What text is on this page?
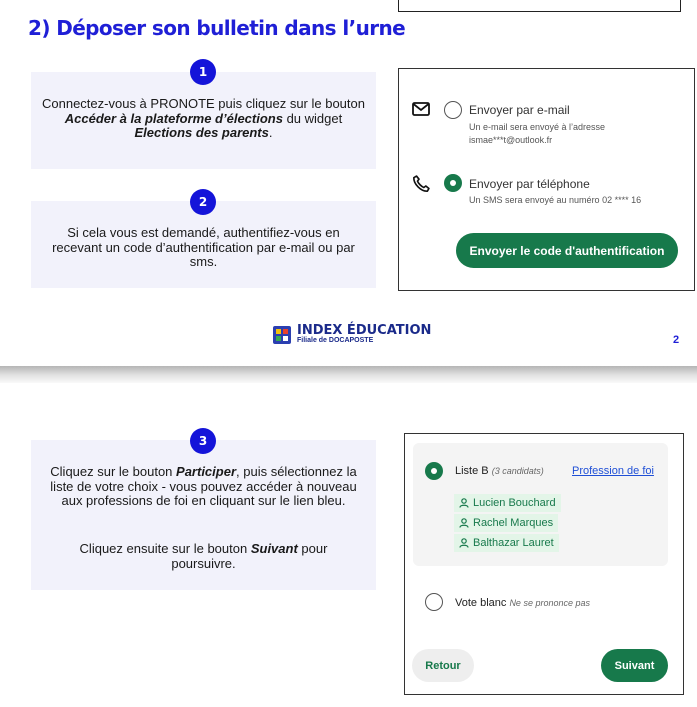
2) Déposer son bulletin dans l’urne
1
Connectez-vous à PRONOTE puis cliquez sur le bouton Accéder à la plateforme d’élections du widget Elections des parents.
2
Si cela vous est demandé, authentifiez-vous en recevant un code d’authentification par e-mail ou par sms.
Envoyer par e-mail
Un e-mail sera envoyé à l’adresse
ismae***t@outlook.fr
Envoyer par téléphone
Un SMS sera envoyé au numéro 02 **** 16
Envoyer le code d'authentification
INDEX ÉDUCATION
Filiale de DOCAPOSTE	2
3
Cliquez sur le bouton Participer, puis sélectionnez la liste de votre choix - vous pouvez accéder à nouveau aux professions de foi en cliquant sur le lien bleu.
Cliquez ensuite sur le bouton Suivant pour poursuivre.
Liste B (3 candidats)	Profession de foi
Lucien Bouchard
Rachel Marques
Balthazar Lauret
Vote blanc Ne se prononce pas
Retour	Suivant
